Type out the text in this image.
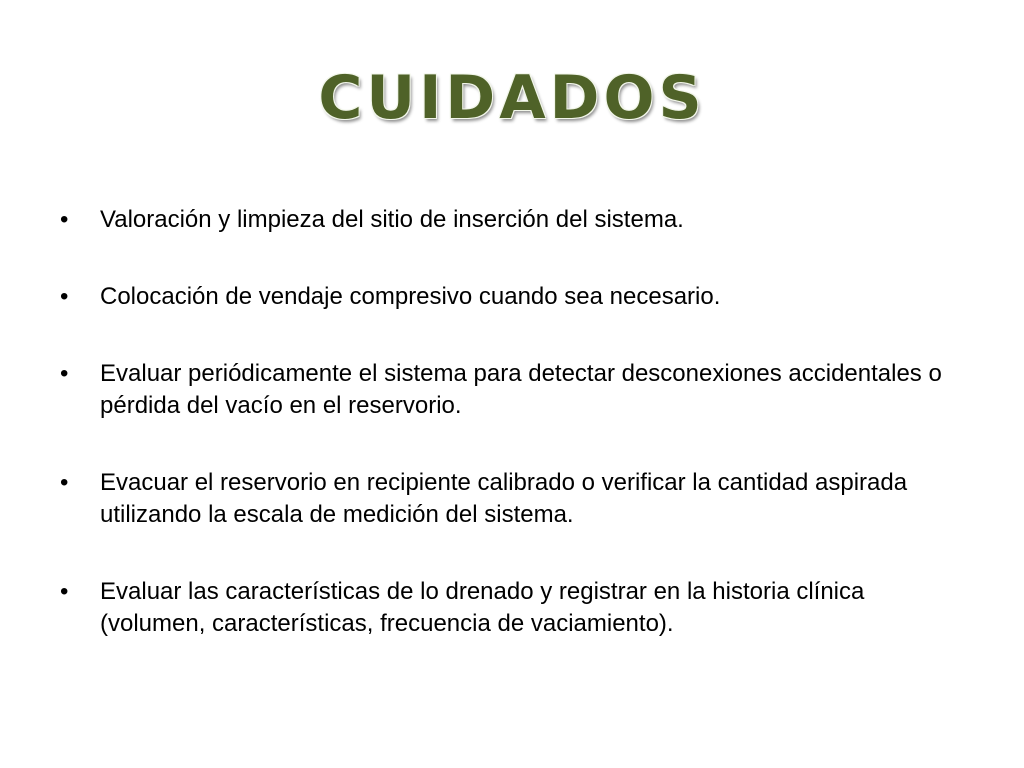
CUIDADOS
•	Valoración y limpieza del sitio de inserción del sistema.
•	Colocación de vendaje compresivo cuando sea necesario.
•	Evaluar periódicamente el sistema para detectar desconexiones accidentales o pérdida del vacío en el reservorio.
•	Evacuar el reservorio en recipiente calibrado o verificar la cantidad aspirada utilizando la escala de medición del sistema.
•	Evaluar las características de lo drenado y registrar en la historia clínica (volumen, características, frecuencia de vaciamiento).
